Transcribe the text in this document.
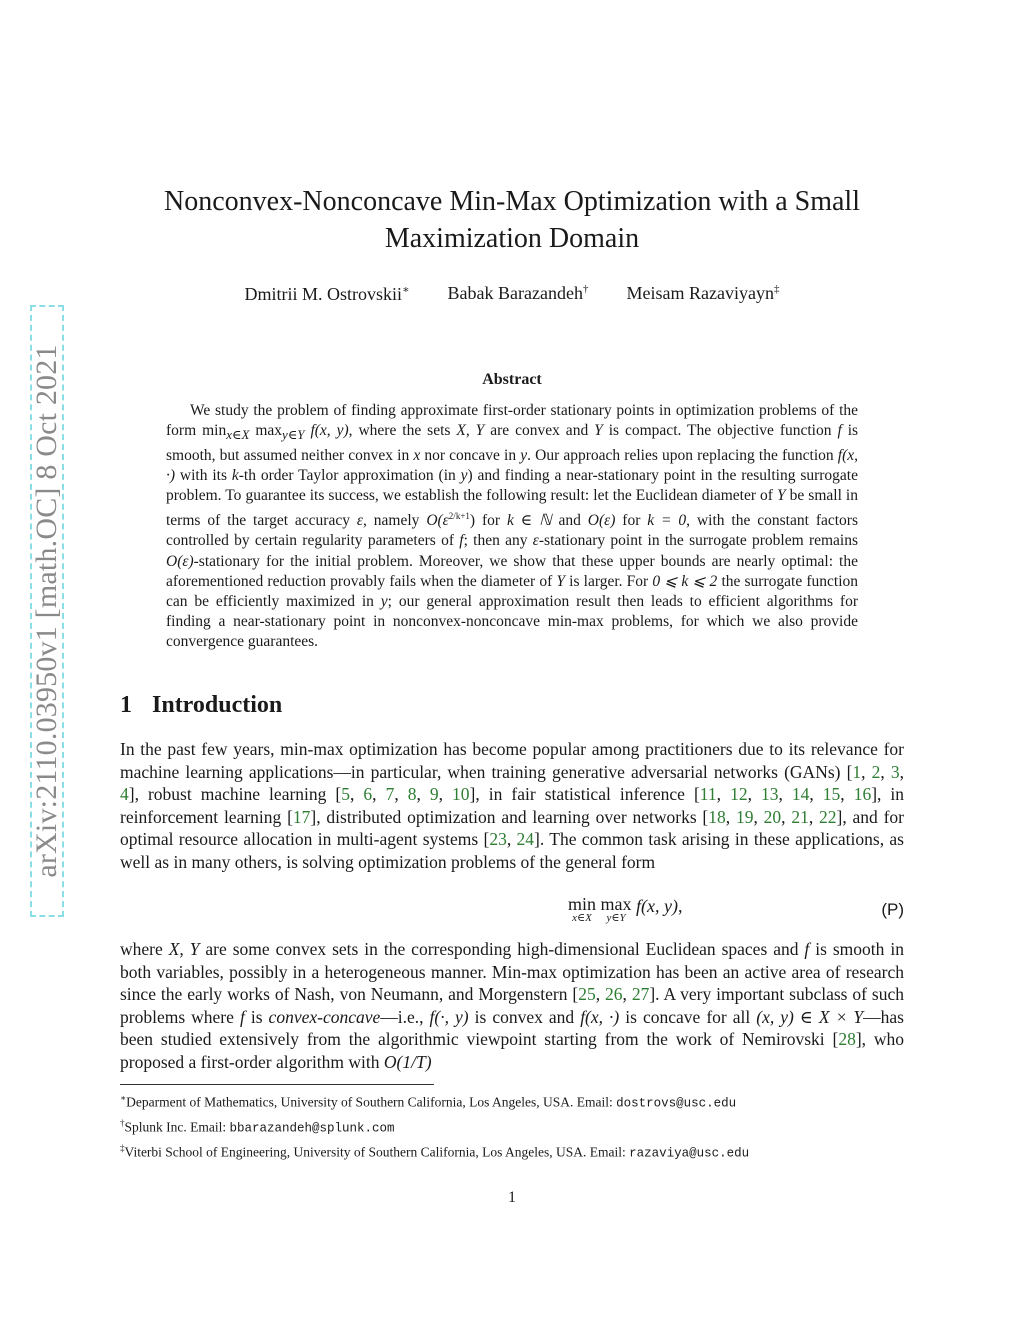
arXiv:2110.03950v1 [math.OC] 8 Oct 2021
Nonconvex-Nonconcave Min-Max Optimization with a Small
Maximization Domain
Dmitrii M. Ostrovskii∗ Babak Barazandeh† Meisam Razaviyayn‡
Abstract

We study the problem of finding approximate first-order stationary points in optimization problems of the form $\min_{x\in X} \max_{y\in Y} f(x$, y), where the sets X, Y are convex and Y is compact. The objective function f is smooth, but assumed neither convex in x nor concave in y. Our approach relies upon replacing the function f(x, ·) with its k-th order Taylor approximation (in y) and finding a near-stationary point in the resulting surrogate problem. To guarantee its success, we establish the following result: let the Euclidean diameter of Y be small in terms of the target accuracy ε, namely $O(\varepsilon^{2/k+1})$ for k ∈ ℕ and O(ε) for k = 0, with the constant factors controlled by certain regularity parameters of f; then any ε-stationary point in the surrogate problem remains O(ε)-stationary for the initial problem. Moreover, we show that these upper bounds are nearly optimal: the aforementioned reduction provably fails when the diameter of Y is larger. For 0 ⩽ k ⩽ 2 the surrogate function can be efficiently maximized in y; our general approximation result then leads to efficient algorithms for finding a near-stationary point in nonconvex-nonconcave min-max problems, for which we also provide convergence guarantees.

1 Introduction

In the past few years, min-max optimization has become popular among practitioners due to its relevance for machine learning applications—in particular, when training generative adversarial networks (GANs) [1, 2, 3, 4], robust machine learning [5, 6, 7, 8, 9, 10], in fair statistical inference [11, 12, 13, 14, 15, 16], in reinforcement learning [17], distributed optimization and learning over networks [18, 19, 20, 21, 22], and for optimal resource allocation in multi-agent systems [23, 24]. The common task arising in these applications, as well as in many others, is solving optimization problems of the general form

min
x∈X
max
y∈Y
f(x, y),	(P)

where X, Y are some convex sets in the corresponding high-dimensional Euclidean spaces and f is smooth in both variables, possibly in a heterogeneous manner. Min-max optimization has been an active area of research since the early works of Nash, von Neumann, and Morgenstern [25, 26, 27]. A very important subclass of such problems where f is convex-concave—i.e., f(·, y) is convex and f(x, ·) is concave for all (x, y) ∈ X × Y—has been studied extensively from the algorithmic viewpoint starting from the work of Nemirovski [28], who proposed a first-order algorithm with O(1/T)

∗Deparment of Mathematics, University of Southern California, Los Angeles, USA. Email: dostrovs@usc.edu
†Splunk Inc. Email: bbarazandeh@splunk.com
‡Viterbi School of Engineering, University of Southern California, Los Angeles, USA. Email: razaviya@usc.edu
1
